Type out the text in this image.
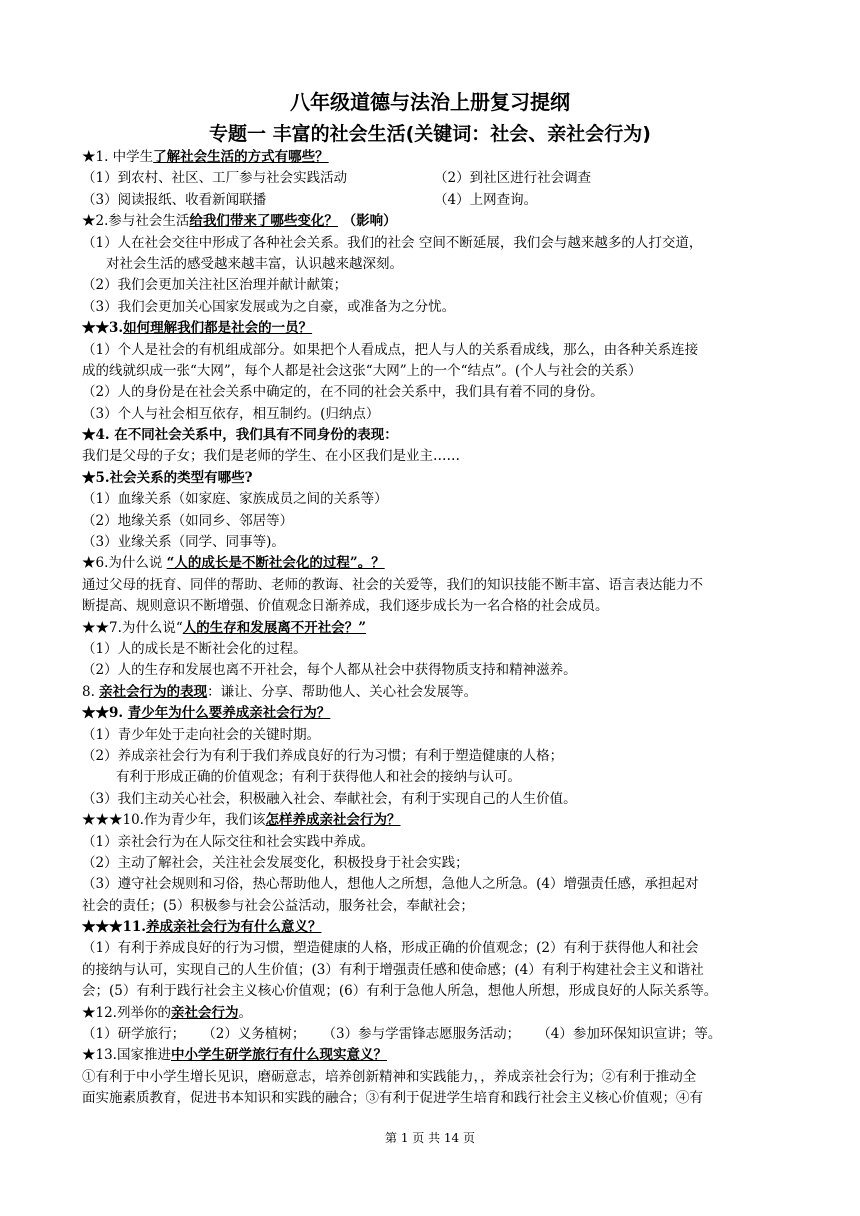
八年级道德与法治上册复习提纲
专题一 丰富的社会生活(关键词：社会、亲社会行为)
★1. 中学生了解社会生活的方式有哪些？
（1）到农村、社区、工厂参与社会实践活动	（2）到社区进行社会调查
（3）阅读报纸、收看新闻联播	（4）上网查询。
★2.参与社会生活给我们带来了哪些变化？ （影响）
（1）人在社会交往中形成了各种社会关系。我们的社会 空间不断延展，我们会与越来越多的人打交道，
对社会生活的感受越来越丰富，认识越来越深刻。
（2）我们会更加关注社区治理并献计献策；
（3）我们会更加关心国家发展或为之自豪，或准备为之分忧。
★★3.如何理解我们都是社会的一员？
（1）个人是社会的有机组成部分。如果把个人看成点，把人与人的关系看成线，那么，由各种关系连接
成的线就织成一张“大网”，每个人都是社会这张“大网”上的一个“结点”。(个人与社会的关系）
（2）人的身份是在社会关系中确定的，在不同的社会关系中，我们具有着不同的身份。
（3）个人与社会相互依存，相互制约。(归纳点）
★4. 在不同社会关系中，我们具有不同身份的表现：
我们是父母的子女；我们是老师的学生、在小区我们是业主……
★5.社会关系的类型有哪些?
（1）血缘关系（如家庭、家族成员之间的关系等）
（2）地缘关系（如同乡、邻居等）
（3）业缘关系（同学、同事等)。
★6.为什么说 “人的成长是不断社会化的过程”。？
通过父母的抚育、同伴的帮助、老师的教诲、社会的关爱等，我们的知识技能不断丰富、语言表达能力不
断提高、规则意识不断增强、价值观念日渐养成，我们逐步成长为一名合格的社会成员。
★★7.为什么说“人的生存和发展离不开社会？”
（1）人的成长是不断社会化的过程。
（2）人的生存和发展也离不开社会，每个人都从社会中获得物质支持和精神滋养。
8. 亲社会行为的表现：谦让、分享、帮助他人、关心社会发展等。
★★9. 青少年为什么要养成亲社会行为？
（1）青少年处于走向社会的关键时期。
（2）养成亲社会行为有利于我们养成良好的行为习惯；有利于塑造健康的人格；
有利于形成正确的价值观念；有利于获得他人和社会的接纳与认可。
（3）我们主动关心社会，积极融入社会、奉献社会，有利于实现自己的人生价值。
★★★10.作为青少年，我们该怎样养成亲社会行为？
（1）亲社会行为在人际交往和社会实践中养成。
（2）主动了解社会，关注社会发展变化，积极投身于社会实践；
（3）遵守社会规则和习俗，热心帮助他人，想他人之所想，急他人之所急。(4）增强责任感，承担起对
社会的责任；(5）积极参与社会公益活动，服务社会，奉献社会；
★★★11.养成亲社会行为有什么意义？
（1）有利于养成良好的行为习惯，塑造健康的人格，形成正确的价值观念；(2）有利于获得他人和社会
的接纳与认可，实现自己的人生价值；(3）有利于增强责任感和使命感；(4）有利于构建社会主义和谐社
会；(5）有利于践行社会主义核心价值观；(6）有利于急他人所急，想他人所想，形成良好的人际关系等。
★12.列举你的亲社会行为。
（1）研学旅行；    （2）义务植树；    （3）参与学雷锋志愿服务活动；    （4）参加环保知识宣讲；等。
★13.国家推进中小学生研学旅行有什么现实意义？
①有利于中小学生增长见识，磨砺意志，培养创新精神和实践能力，，养成亲社会行为；②有利于推动全
面实施素质教育，促进书本知识和实践的融合；③有利于促进学生培育和践行社会主义核心价值观；④有
第 1 页 共 14 页
